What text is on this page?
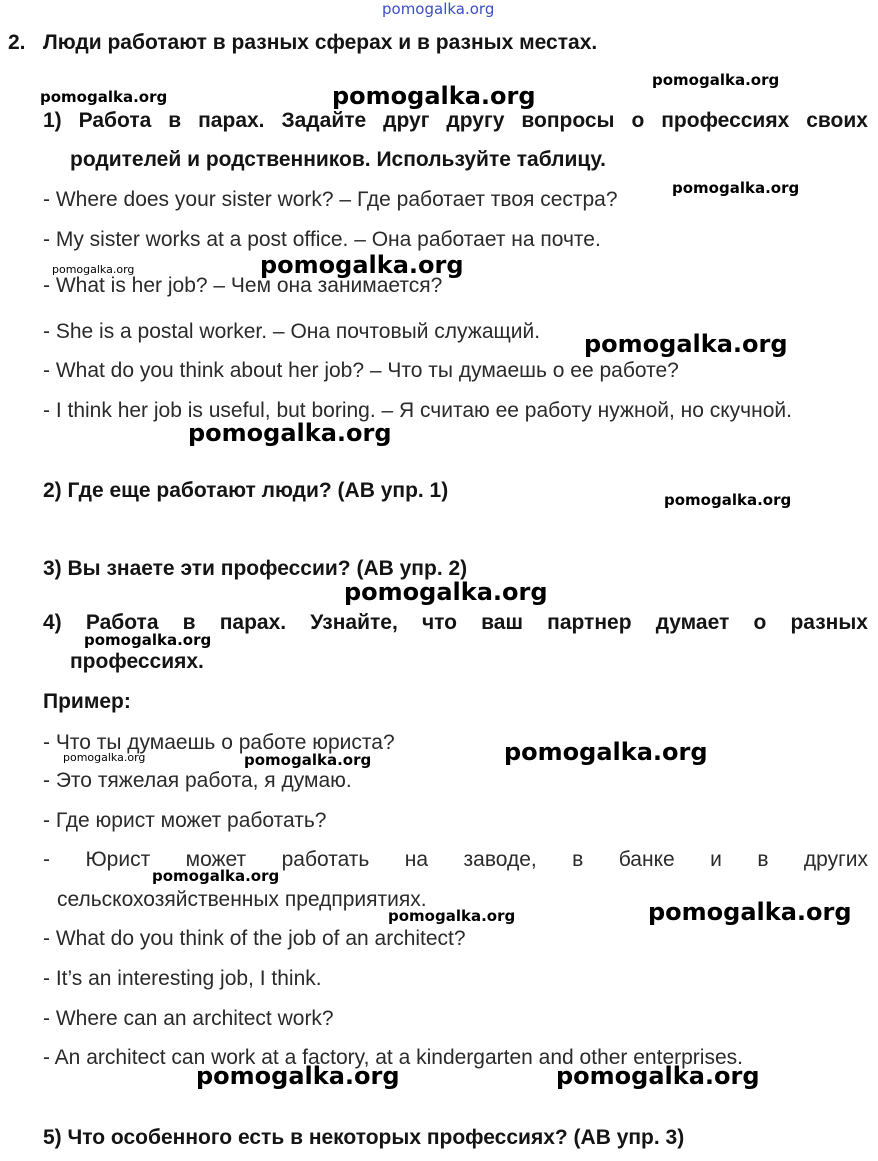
pomogalka.org
2. Люди работают в разных сферах и в разных местах.
1) Работа в парах. Задайте друг другу вопросы о профессиях своих
родителей и родственников. Используйте таблицу.
- Where does your sister work? – Где работает твоя сестра?
- My sister works at a post office. – Она работает на почте.
- What is her job? – Чем она занимается?
- She is a postal worker. – Она почтовый служащий.
- What do you think about her job? – Что ты думаешь о ее работе?
- I think her job is useful, but boring. – Я считаю ее работу нужной, но скучной.
2) Где еще работают люди? (АВ упр. 1)
3) Вы знаете эти профессии? (АВ упр. 2)
4) Работа в парах. Узнайте, что ваш партнер думает о разных
профессиях.
Пример:
- Что ты думаешь о работе юриста?
- Это тяжелая работа, я думаю.
- Где юрист может работать?
- Юрист может работать на заводе, в банке и в других
сельскохозяйственных предприятиях.
- What do you think of the job of an architect?
- It’s an interesting job, I think.
- Where can an architect work?
- An architect can work at a factory, at a kindergarten and other enterprises.
5) Что особенного есть в некоторых профессиях? (АВ упр. 3)
pomogalka.org
pomogalka.org	pomogalka.org
pomogalka.org
pomogalka.org	pomogalka.org
pomogalka.org
pomogalka.org
pomogalka.org
pomogalka.org
pomogalka.org
pomogalka.org
pomogalka.org	pomogalka.org
pomogalka.org
pomogalka.org
pomogalka.org
pomogalka.org	pomogalka.org
